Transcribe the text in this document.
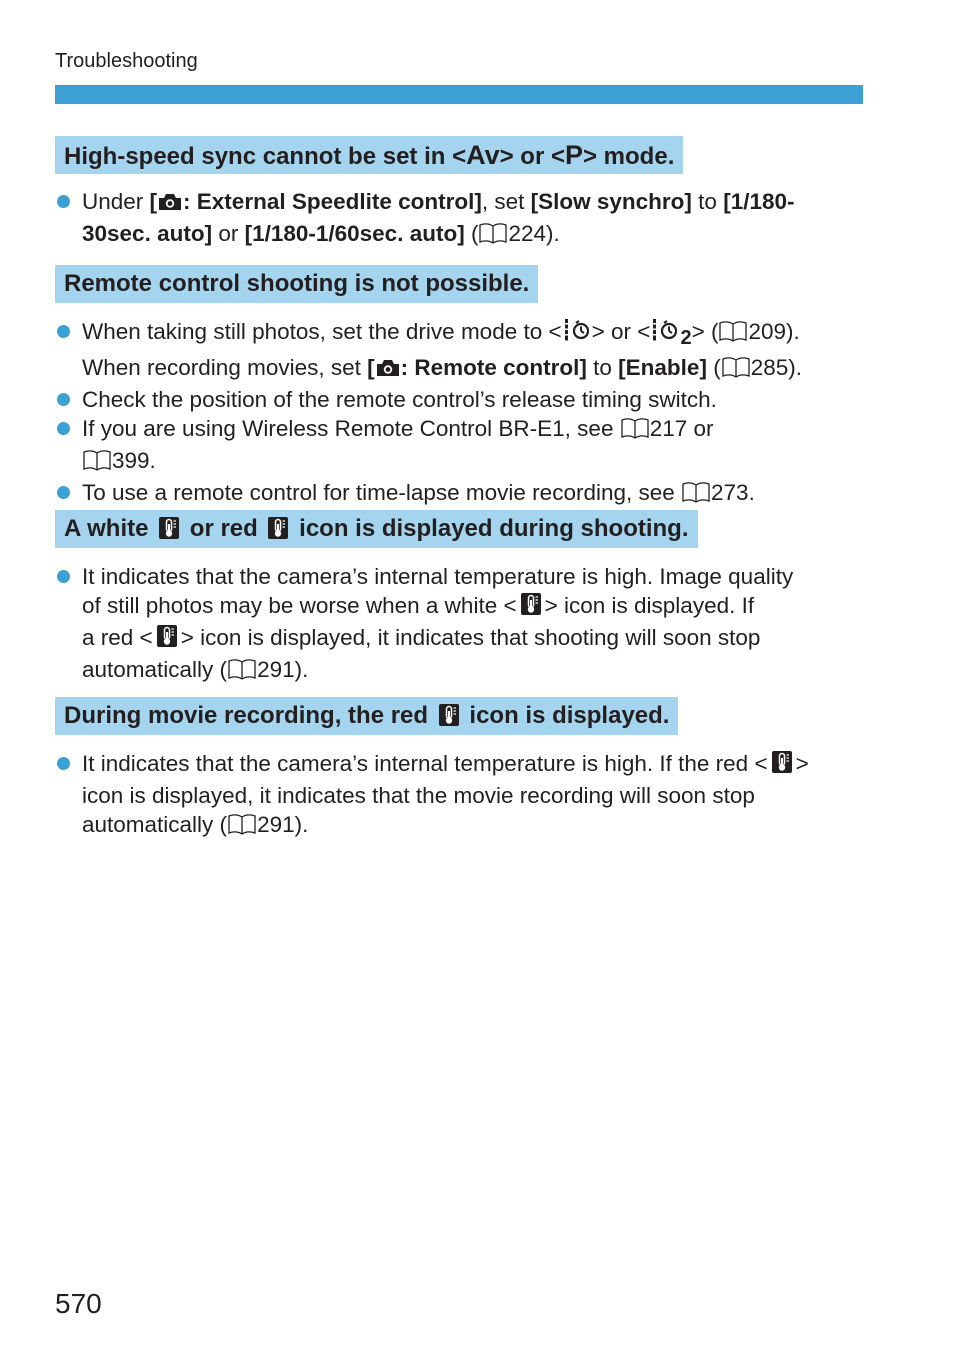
Troubleshooting
High-speed sync cannot be set in <Av> or <P> mode.
Under [ : External Speedlite control], set [Slow synchro] to [1/180-
30sec. auto] or [1/180-1/60sec. auto] ( 224).
Remote control shooting is not possible.
When taking still photos, set the drive mode to < > or < 2> ( 209).
When recording movies, set [ : Remote control] to [Enable] ( 285).
Check the position of the remote control’s release timing switch.
If you are using Wireless Remote Control BR-E1, see 217 or
399.
To use a remote control for time-lapse movie recording, see 273.
A white  or red  icon is displayed during shooting.
It indicates that the camera’s internal temperature is high. Image quality
of still photos may be worse when a white < > icon is displayed. If
a red < > icon is displayed, it indicates that shooting will soon stop
automatically ( 291).
During movie recording, the red  icon is displayed.
It indicates that the camera’s internal temperature is high. If the red < >
icon is displayed, it indicates that the movie recording will soon stop
automatically ( 291).
570
